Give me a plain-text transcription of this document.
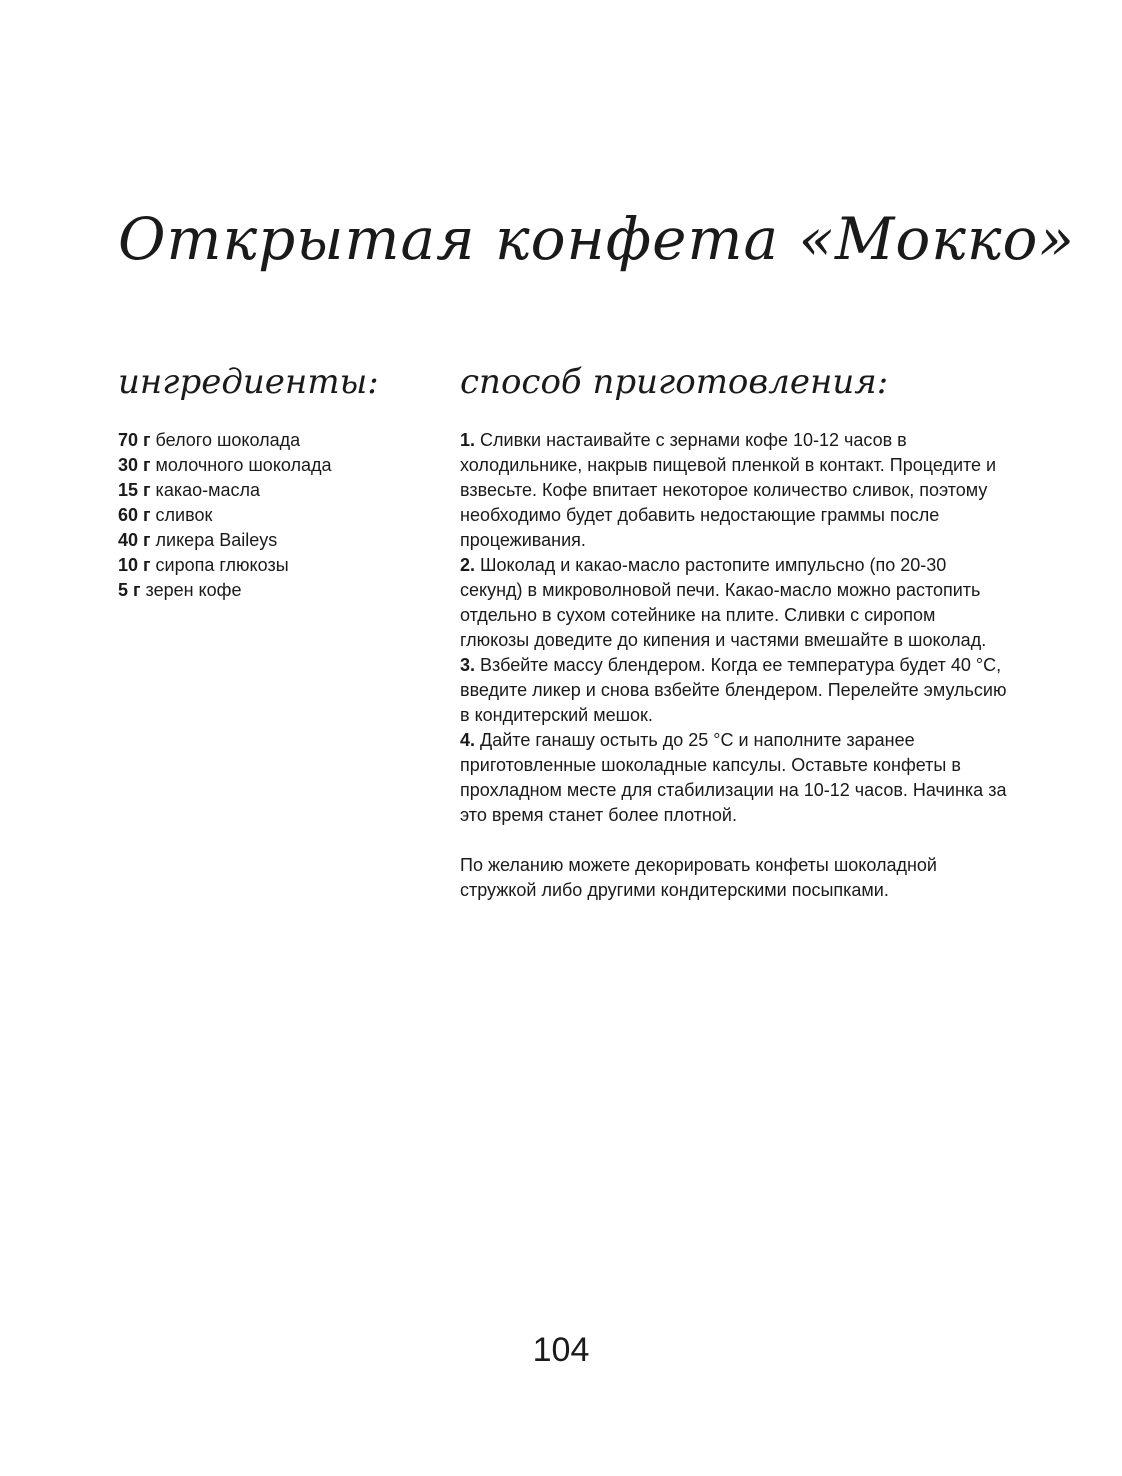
Открытая конфета «Мокко»
ингредиенты: способ приготовления:
70 г белого шоколада
30 г молочного шоколада
15 г какао-масла
60 г сливок
40 г ликера Baileys
10 г сиропа глюкозы
5 г зерен кофе

1. Сливки настаивайте с зернами кофе 10-12 часов в холодильнике, накрыв пищевой пленкой в контакт. Процедите и взвесьте. Кофе впитает некоторое количество сливок, поэтому необходимо будет добавить недостающие граммы после процеживания.

2. Шоколад и какао-масло растопите импульсно (по 20-30 секунд) в микроволновой печи. Какао-масло можно растопить отдельно в сухом сотейнике на плите. Сливки с сиропом глюкозы доведите до кипения и частями вмешайте в шоколад.

3. Взбейте массу блендером. Когда ее температура будет 40 °С, введите ликер и снова взбейте блендером. Перелейте эмульсию в кондитерский мешок.

4. Дайте ганашу остыть до 25 °С и наполните заранее приготовленные шоколадные капсулы. Оставьте конфеты в прохладном месте для стабилизации на 10-12 часов. Начинка за это время станет более плотной.

По желанию можете декорировать конфеты шоколадной стружкой либо другими кондитерскими посыпками.

104
